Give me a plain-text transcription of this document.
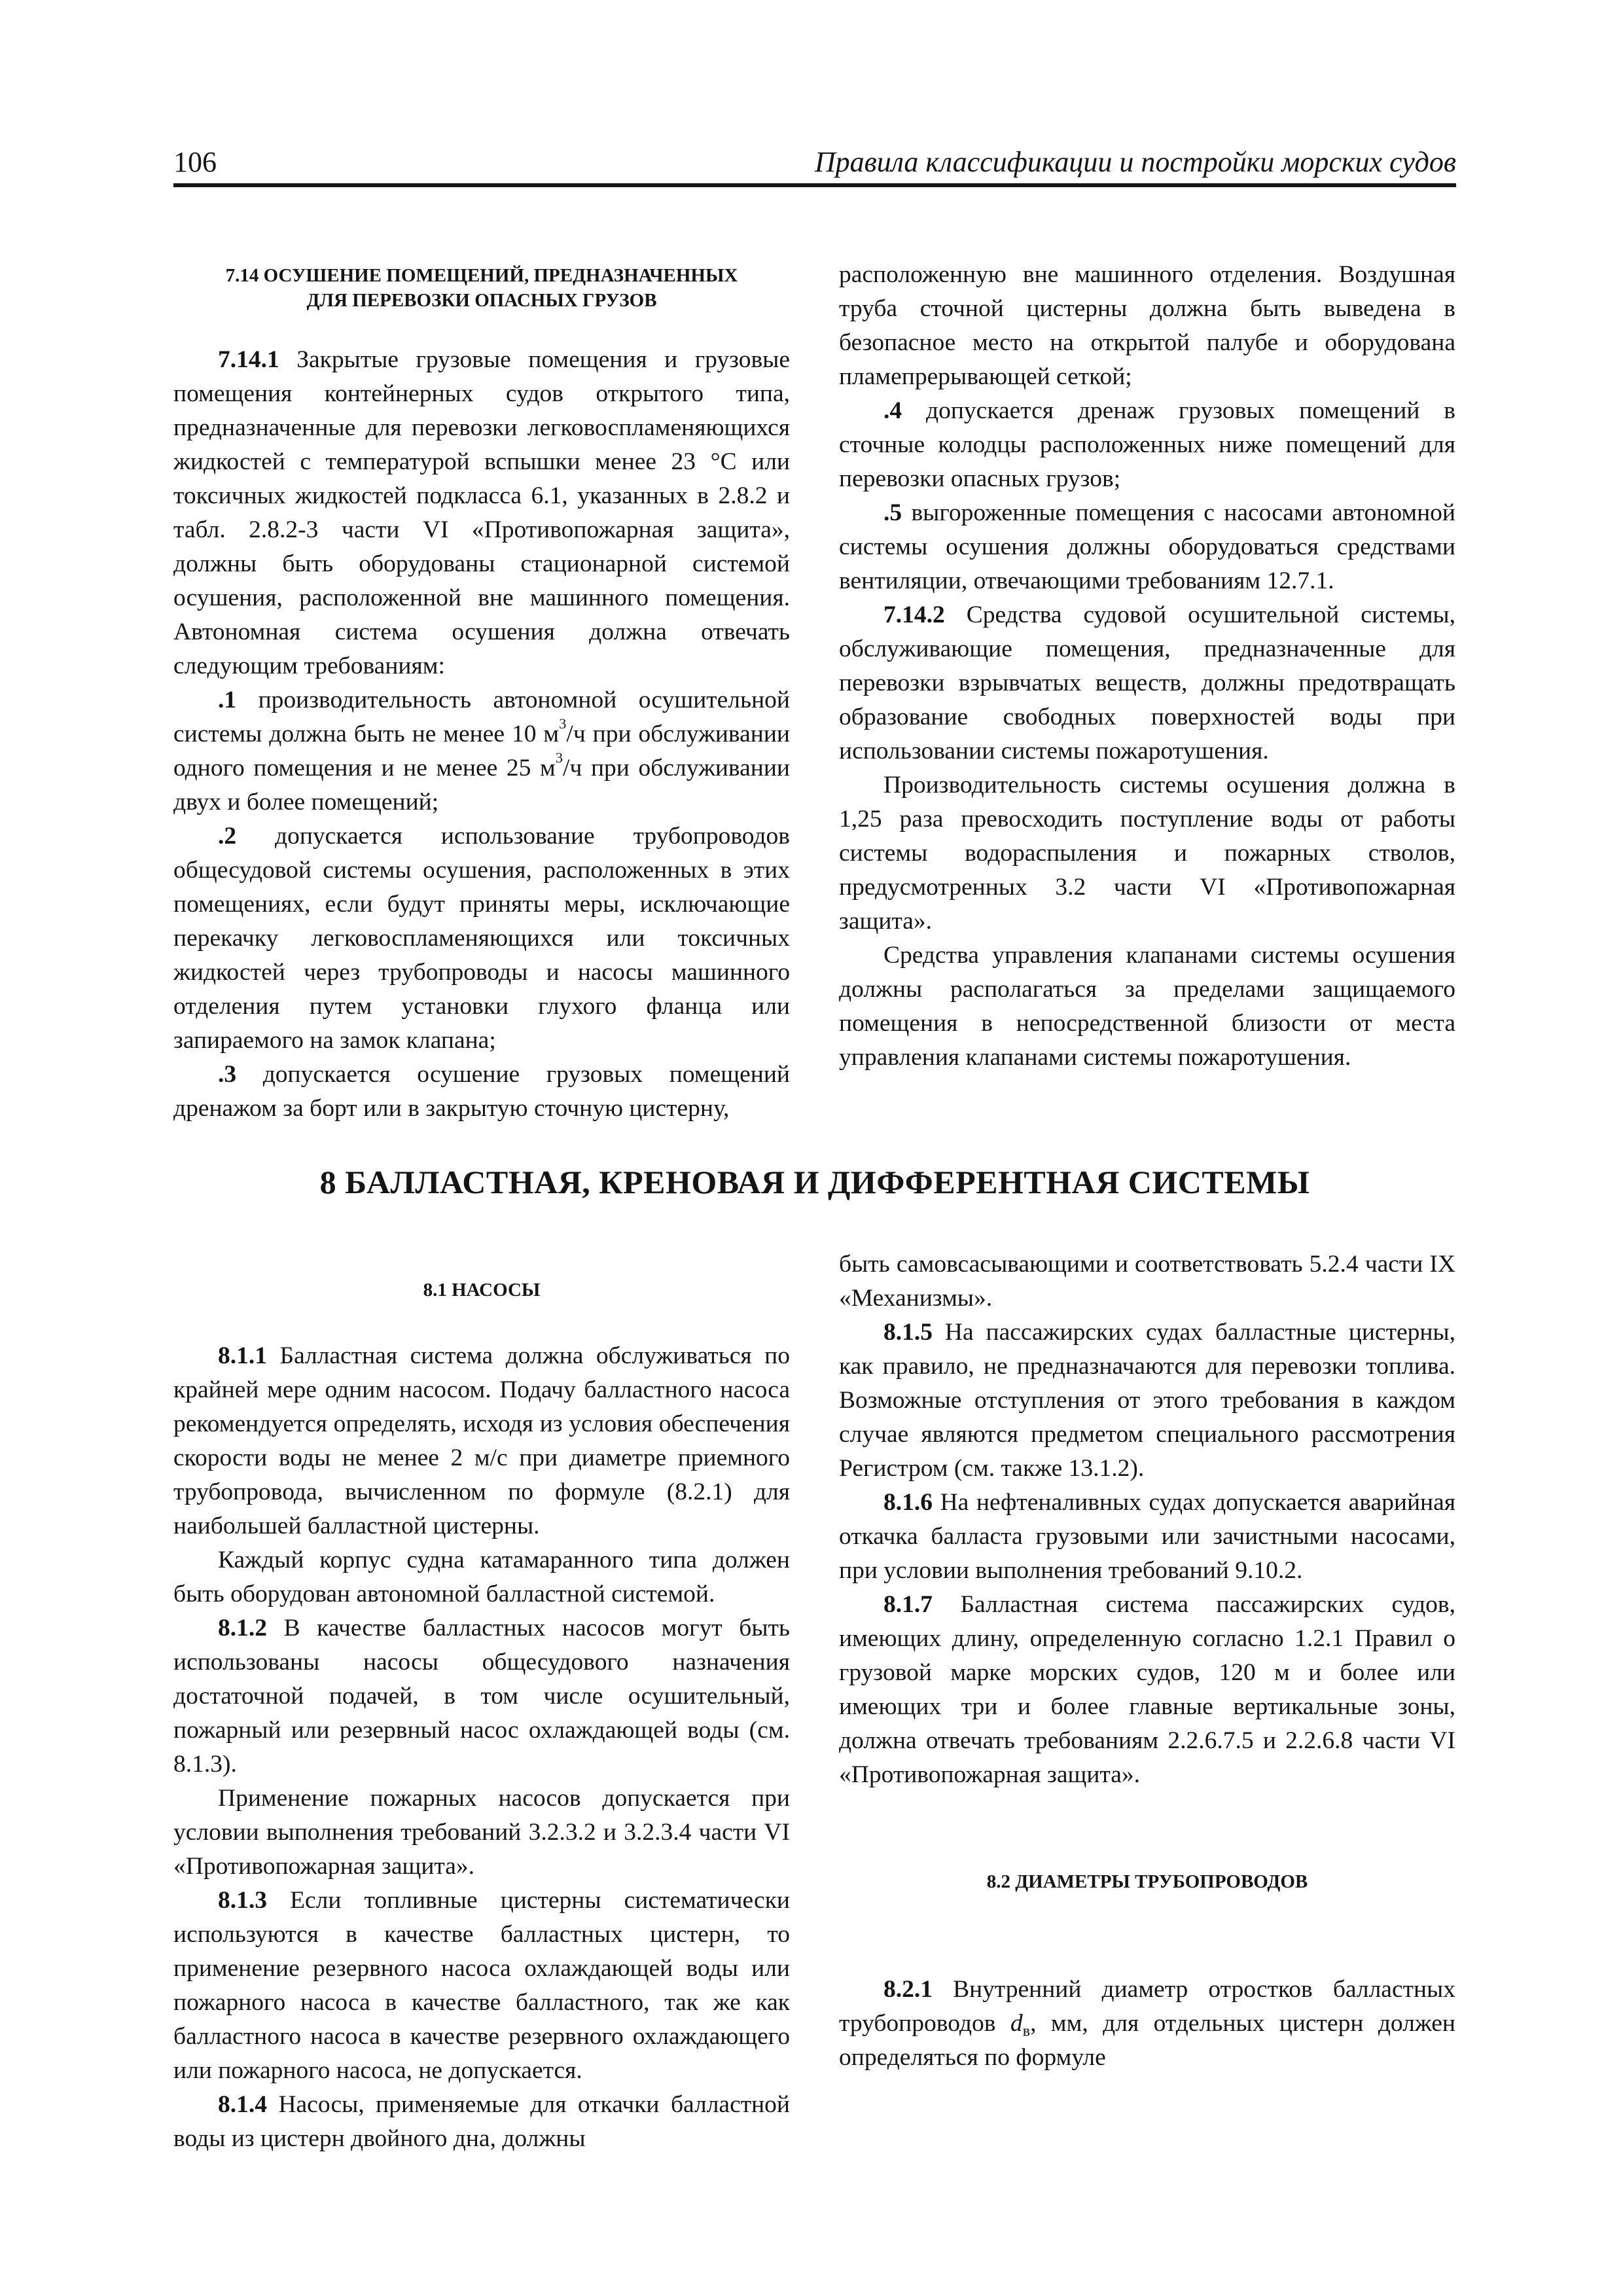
106	Правила классификации и постройки морских судов

7.14 ОСУШЕНИЕ ПОМЕЩЕНИЙ, ПРЕДНАЗНАЧЕННЫХ ДЛЯ ПЕРЕВОЗКИ ОПАСНЫХ ГРУЗОВ

7.14.1 Закрытые грузовые помещения и грузовые помещения контейнерных судов открытого типа, предназначенные для перевозки легковоспламеняющихся жидкостей с температурой вспышки менее 23 °С или токсичных жидкостей подкласса 6.1, указанных в 2.8.2 и табл. 2.8.2-3 части VI «Противопожарная защита», должны быть оборудованы стационарной системой осушения, расположенной вне машинного помещения. Автономная система осушения должна отвечать следующим требованиям:

.1 производительность автономной осушительной системы должна быть не менее 10 $м^3/ч$ при обслуживании одного помещения и не менее 25 $м^3/ч$ при обслуживании двух и более помещений;

.2 допускается использование трубопроводов общесудовой системы осушения, расположенных в этих помещениях, если будут приняты меры, исключающие перекачку легковоспламеняющихся или токсичных жидкостей через трубопроводы и насосы машинного отделения путем установки глухого фланца или запираемого на замок клапана;

.3 допускается осушение грузовых помещений дренажом за борт или в закрытую сточную цистерну,

расположенную вне машинного отделения. Воздушная труба сточной цистерны должна быть выведена в безопасное место на открытой палубе и оборудована пламепрерывающей сеткой;

.4 допускается дренаж грузовых помещений в сточные колодцы расположенных ниже помещений для перевозки опасных грузов;

.5 выгороженные помещения с насосами автономной системы осушения должны оборудоваться средствами вентиляции, отвечающими требованиям 12.7.1.

7.14.2 Средства судовой осушительной системы, обслуживающие помещения, предназначенные для перевозки взрывчатых веществ, должны предотвращать образование свободных поверхностей воды при использовании системы пожаротушения.

Производительность системы осушения должна в 1,25 раза превосходить поступление воды от работы системы водораспыления и пожарных стволов, предусмотренных 3.2 части VI «Противопожарная защита».

Средства управления клапанами системы осушения должны располагаться за пределами защищаемого помещения в непосредственной близости от места управления клапанами системы пожаротушения.

8 БАЛЛАСТНАЯ, КРЕНОВАЯ И ДИФФЕРЕНТНАЯ СИСТЕМЫ

8.1 НАСОСЫ

8.1.1 Балластная система должна обслуживаться по крайней мере одним насосом. Подачу балластного насоса рекомендуется определять, исходя из условия обеспечения скорости воды не менее 2 м/с при диаметре приемного трубопровода, вычисленном по формуле (8.2.1) для наибольшей балластной цистерны.

Каждый корпус судна катамаранного типа должен быть оборудован автономной балластной системой.

8.1.2 В качестве балластных насосов могут быть использованы насосы общесудового назначения достаточной подачей, в том числе осушительный, пожарный или резервный насос охлаждающей воды (см. 8.1.3).

Применение пожарных насосов допускается при условии выполнения требований 3.2.3.2 и 3.2.3.4 части VI «Противопожарная защита».

8.1.3 Если топливные цистерны систематически используются в качестве балластных цистерн, то применение резервного насоса охлаждающей воды или пожарного насоса в качестве балластного, так же как балластного насоса в качестве резервного охлаждающего или пожарного насоса, не допускается.

8.1.4 Насосы, применяемые для откачки балластной воды из цистерн двойного дна, должны

быть самовсасывающими и соответствовать 5.2.4 части IX «Механизмы».

8.1.5 На пассажирских судах балластные цистерны, как правило, не предназначаются для перевозки топлива. Возможные отступления от этого требования в каждом случае являются предметом специального рассмотрения Регистром (см. также 13.1.2).

8.1.6 На нефтеналивных судах допускается аварийная откачка балласта грузовыми или зачистными насосами, при условии выполнения требований 9.10.2.

8.1.7 Балластная система пассажирских судов, имеющих длину, определенную согласно 1.2.1 Правил о грузовой марке морских судов, 120 м и более или имеющих три и более главные вертикальные зоны, должна отвечать требованиям 2.2.6.7.5 и 2.2.6.8 части VI «Противопожарная защита».

8.2 ДИАМЕТРЫ ТРУБОПРОВОДОВ

8.2.1 Внутренний диаметр отростков балластных трубопроводов $d_в$, мм, для отдельных цистерн должен определяться по формуле
